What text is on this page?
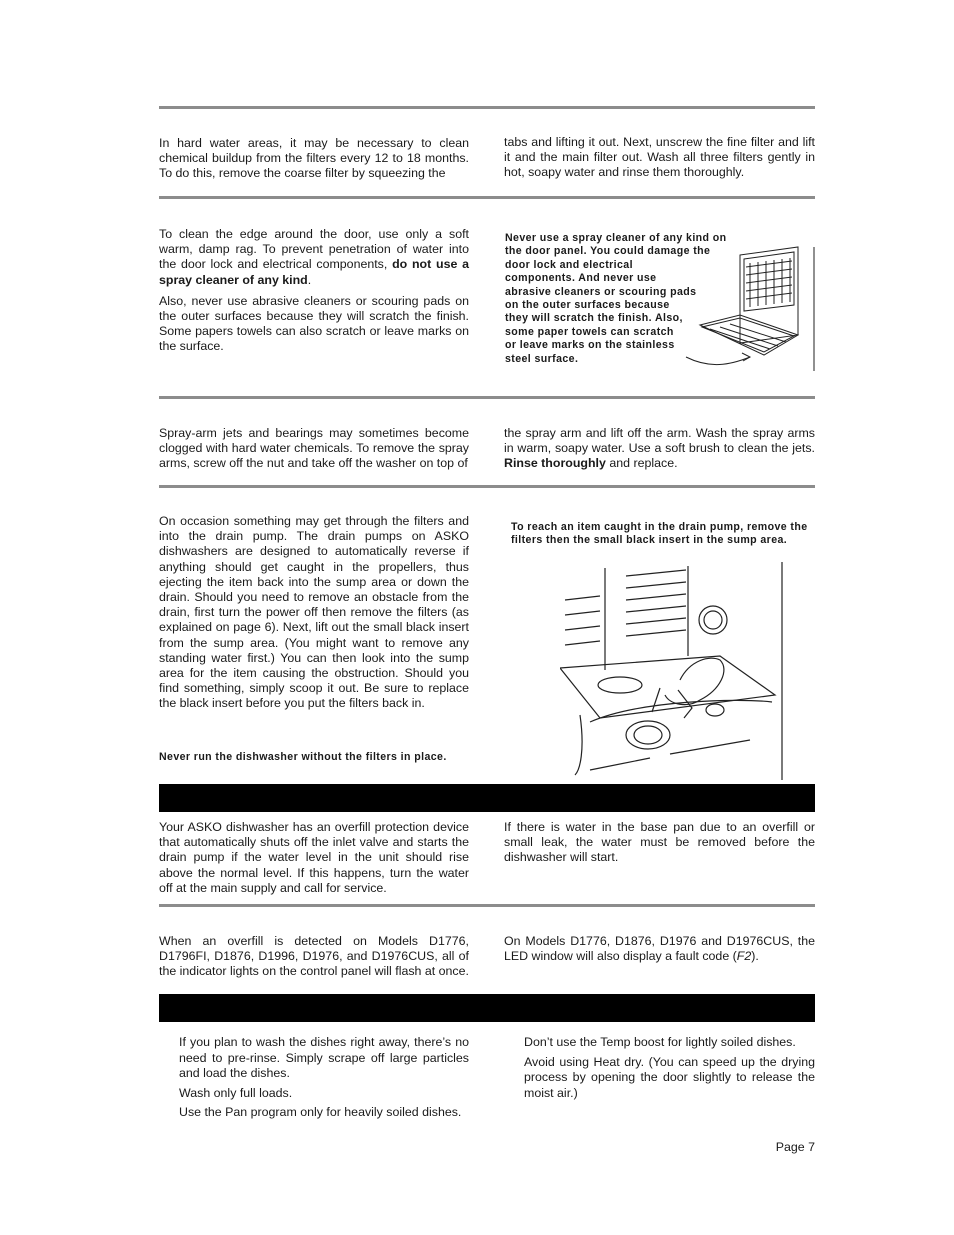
In hard water areas, it may be necessary to clean chemical buildup from the filters every 12 to 18 months. To do this, remove the coarse filter by squeezing the

tabs and lifting it out. Next, unscrew the fine filter and lift it and the main filter out. Wash all three filters gently in hot, soapy water and rinse them thoroughly.

To clean the edge around the door, use only a soft warm, damp rag. To prevent penetration of water into the door lock and electrical components, do not use a spray cleaner of any kind.

Also, never use abrasive cleaners or scouring pads on the outer surfaces because they will scratch the finish. Some papers towels can also scratch or leave marks on the surface.

Never use a spray cleaner of any kind on
the door panel. You could damage the
door lock and electrical
components. And never use
abrasive cleaners or scouring pads
on the outer surfaces because
they will scratch the finish. Also,
some paper towels can scratch
or leave marks on the stainless
steel surface.

Spray-arm jets and bearings may sometimes become clogged with hard water chemicals. To remove the spray arms, screw off the nut and take off the washer on top of

the spray arm and lift off the arm. Wash the spray arms in warm, soapy water. Use a soft brush to clean the jets. Rinse thoroughly and replace.

On occasion something may get through the filters and into the drain pump. The drain pumps on ASKO dishwashers are designed to automatically reverse if anything should get caught in the propellers, thus ejecting the item back into the sump area or down the drain. Should you need to remove an obstacle from the drain, first turn the power off then remove the filters (as explained on page 6). Next, lift out the small black insert from the sump area. (You might want to remove any standing water first.) You can then look into the sump area for the item causing the obstruction. Should you find something, simply scoop it out. Be sure to replace the black insert before you put the filters back in.

Never run the dishwasher without the filters in place.
To reach an item caught in the drain pump, remove the filters then the small black insert in the sump area.

Your ASKO dishwasher has an overfill protection device that automatically shuts off the inlet valve and starts the drain pump if the water level in the unit should rise above the normal level. If this happens, turn the water off at the main supply and call for service.

If there is water in the base pan due to an overfill or small leak, the water must be removed before the dishwasher will start.

When an overfill is detected on Models D1776, D1796FI, D1876, D1996, D1976, and D1976CUS, all of the indicator lights on the control panel will flash at once.

On Models D1776, D1876, D1976 and D1976CUS, the LED window will also display a fault code (F2).

If you plan to wash the dishes right away, there’s no need to pre-rinse. Simply scrape off large particles and load the dishes.

Wash only full loads.

Use the Pan program only for heavily soiled dishes.

Don’t use the Temp boost for lightly soiled dishes.

Avoid using Heat dry. (You can speed up the drying process by opening the door slightly to release the moist air.)

Page 7
